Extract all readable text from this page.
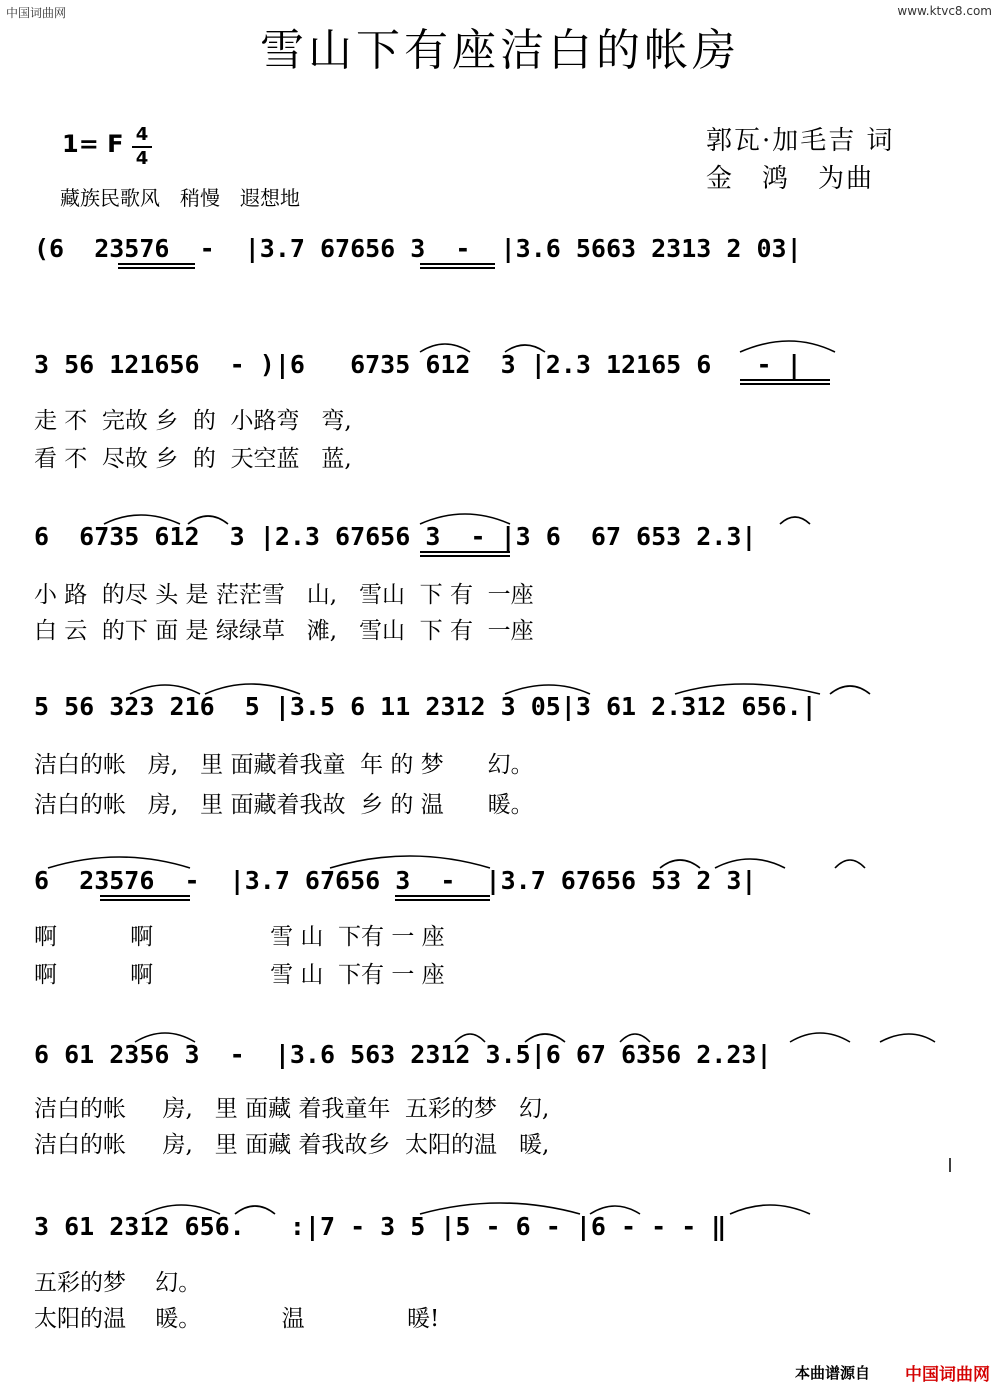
中国词曲网	www.ktvc8.com
雪山下有座洁白的帐房
1= F 4
4
藏族民歌风　稍慢　遐想地
郭瓦·加毛吉 词
金　鸿　为曲
(6  23576  -  |3.7 67656 3  -  |3.6 5663 2313 2 03|
3 56 121656  - )|6   6735 612  3 |2.3 12165 6   - |
走 不  完故 乡  的  小路弯   弯,
看 不  尽故 乡  的  天空蓝   蓝,
6  6735 612  3 |2.3 67656 3  - |3 6  67 653 2.3|
小 路  的尽 头 是 茫茫雪   山,   雪山  下 有  一座
白 云  的下 面 是 绿绿草   滩,   雪山  下 有  一座
5 56 323 216  5 |3.5 6 11 2312 3 05|3 61 2.312 656.|
洁白的帐   房,   里 面藏着我童  年 的 梦      幻。
洁白的帐   房,   里 面藏着我故  乡 的 温      暖。
6  23576  -  |3.7 67656 3  -  |3.7 67656 53 2 3|
啊          啊                雪 山  下有 一 座
啊          啊                雪 山  下有 一 座
6 61 2356 3  -  |3.6 563 2312 3.5|6 67 6356 2.23|
洁白的帐     房,   里 面藏 着我童年  五彩的梦   幻,
洁白的帐     房,   里 面藏 着我故乡  太阳的温   暖,
3 61 2312 656.   :|7 - 3 5 |5 - 6 - |6 - - - ‖
五彩的梦    幻。
太阳的温    暖。           温              暖!
本曲谱源自 中国词曲网
